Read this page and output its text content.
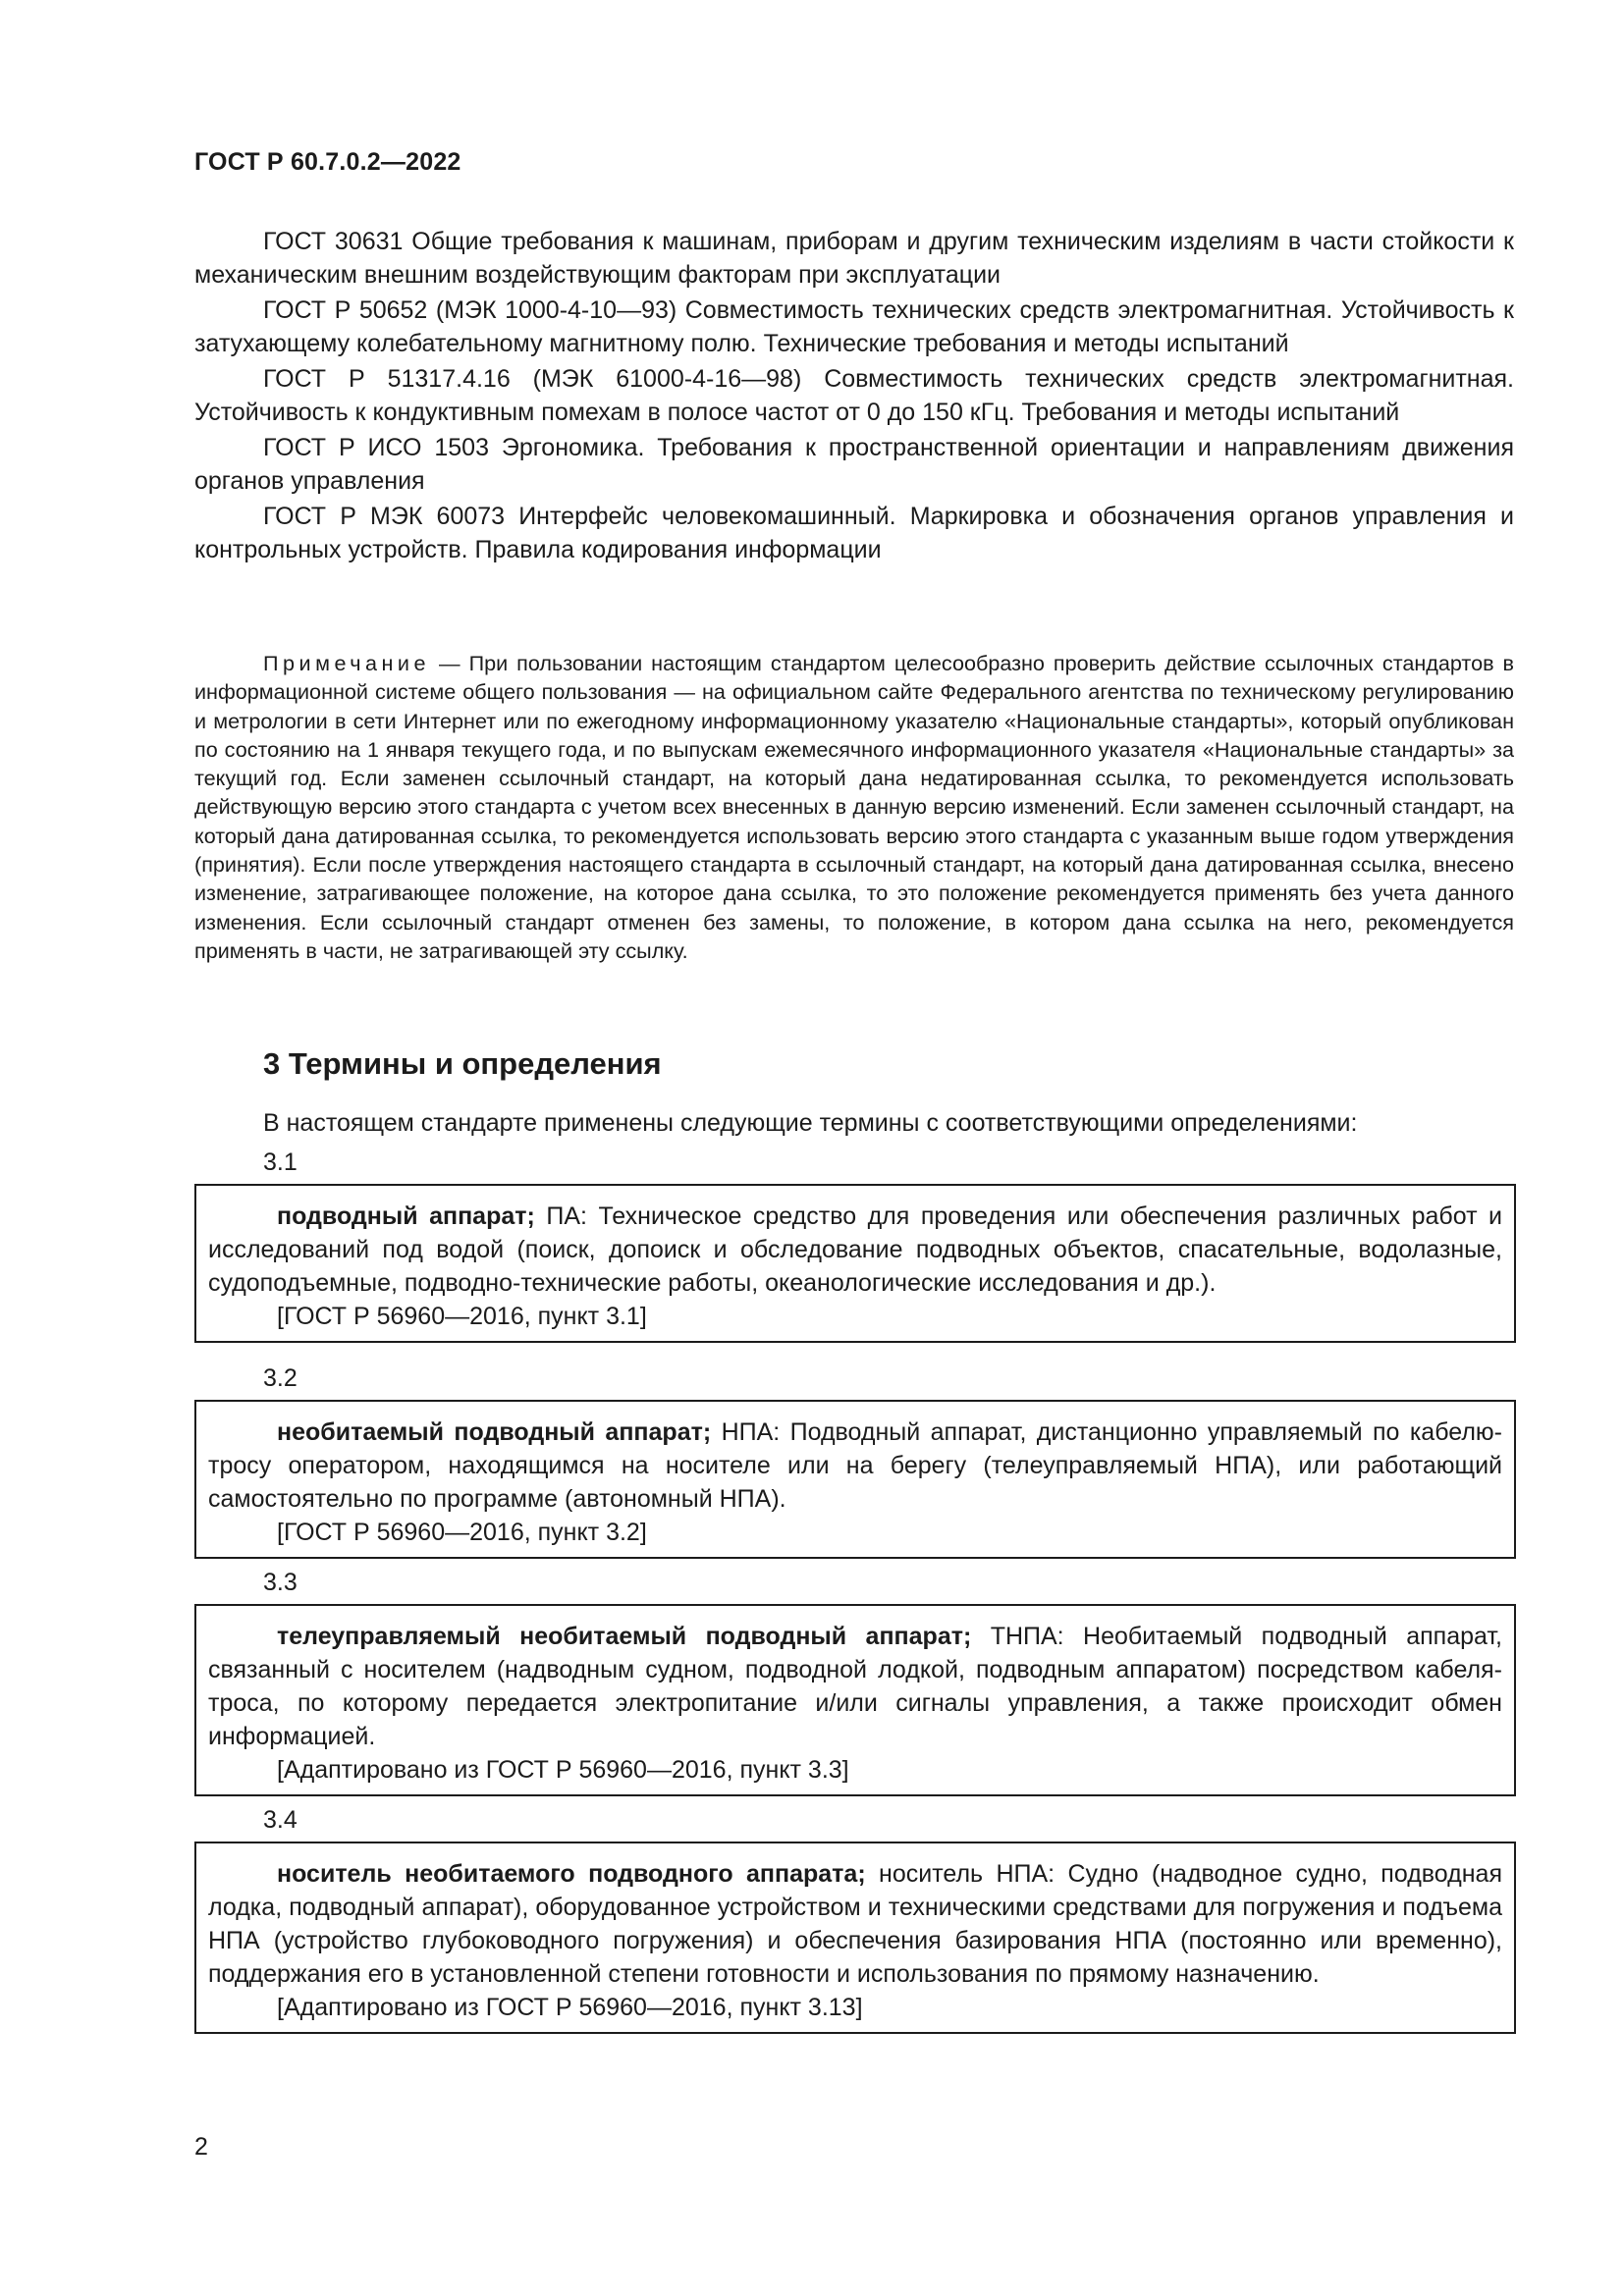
ГОСТ Р 60.7.0.2—2022

ГОСТ 30631 Общие требования к машинам, приборам и другим техническим изделиям в части стойкости к механическим внешним воздействующим факторам при эксплуатации

ГОСТ Р 50652 (МЭК 1000-4-10—93) Совместимость технических средств электромагнитная. Устойчивость к затухающему колебательному магнитному полю. Технические требования и методы испытаний

ГОСТ Р 51317.4.16 (МЭК 61000-4-16—98) Совместимость технических средств электромагнитная. Устойчивость к кондуктивным помехам в полосе частот от 0 до 150 кГц. Требования и методы испытаний

ГОСТ Р ИСО 1503 Эргономика. Требования к пространственной ориентации и направлениям движения органов управления

ГОСТ Р МЭК 60073 Интерфейс человекомашинный. Маркировка и обозначения органов управления и контрольных устройств. Правила кодирования информации

Примечание — При пользовании настоящим стандартом целесообразно проверить действие ссылочных стандартов в информационной системе общего пользования — на официальном сайте Федерального агентства по техническому регулированию и метрологии в сети Интернет или по ежегодному информационному указателю «Национальные стандарты», который опубликован по состоянию на 1 января текущего года, и по выпускам ежемесячного информационного указателя «Национальные стандарты» за текущий год. Если заменен ссылочный стандарт, на который дана недатированная ссылка, то рекомендуется использовать действующую версию этого стандарта с учетом всех внесенных в данную версию изменений. Если заменен ссылочный стандарт, на который дана датированная ссылка, то рекомендуется использовать версию этого стандарта с указанным выше годом утверждения (принятия). Если после утверждения настоящего стандарта в ссылочный стандарт, на который дана датированная ссылка, внесено изменение, затрагивающее положение, на которое дана ссылка, то это положение рекомендуется применять без учета данного изменения. Если ссылочный стандарт отменен без замены, то положение, в котором дана ссылка на него, рекомендуется применять в части, не затрагивающей эту ссылку.

3 Термины и определения
В настоящем стандарте применены следующие термины с соответствующими определениями:
3.1

подводный аппарат; ПА: Техническое средство для проведения или обеспечения различных работ и исследований под водой (поиск, допоиск и обследование подводных объектов, спасательные, водолазные, судоподъемные, подводно-технические работы, океанологические исследования и др.).

[ГОСТ Р 56960—2016, пункт 3.1]

3.2

необитаемый подводный аппарат; НПА: Подводный аппарат, дистанционно управляемый по кабелю-тросу оператором, находящимся на носителе или на берегу (телеуправляемый НПА), или работающий самостоятельно по программе (автономный НПА).

[ГОСТ Р 56960—2016, пункт 3.2]

3.3

телеуправляемый необитаемый подводный аппарат; ТНПА: Необитаемый подводный аппарат, связанный с носителем (надводным судном, подводной лодкой, подводным аппаратом) посредством кабеля-троса, по которому передается электропитание и/или сигналы управления, а также происходит обмен информацией.

[Адаптировано из ГОСТ Р 56960—2016, пункт 3.3]

3.4

носитель необитаемого подводного аппарата; носитель НПА: Судно (надводное судно, подводная лодка, подводный аппарат), оборудованное устройством и техническими средствами для погружения и подъема НПА (устройство глубоководного погружения) и обеспечения базирования НПА (постоянно или временно), поддержания его в установленной степени готовности и использования по прямому назначению.

[Адаптировано из ГОСТ Р 56960—2016, пункт 3.13]

2
